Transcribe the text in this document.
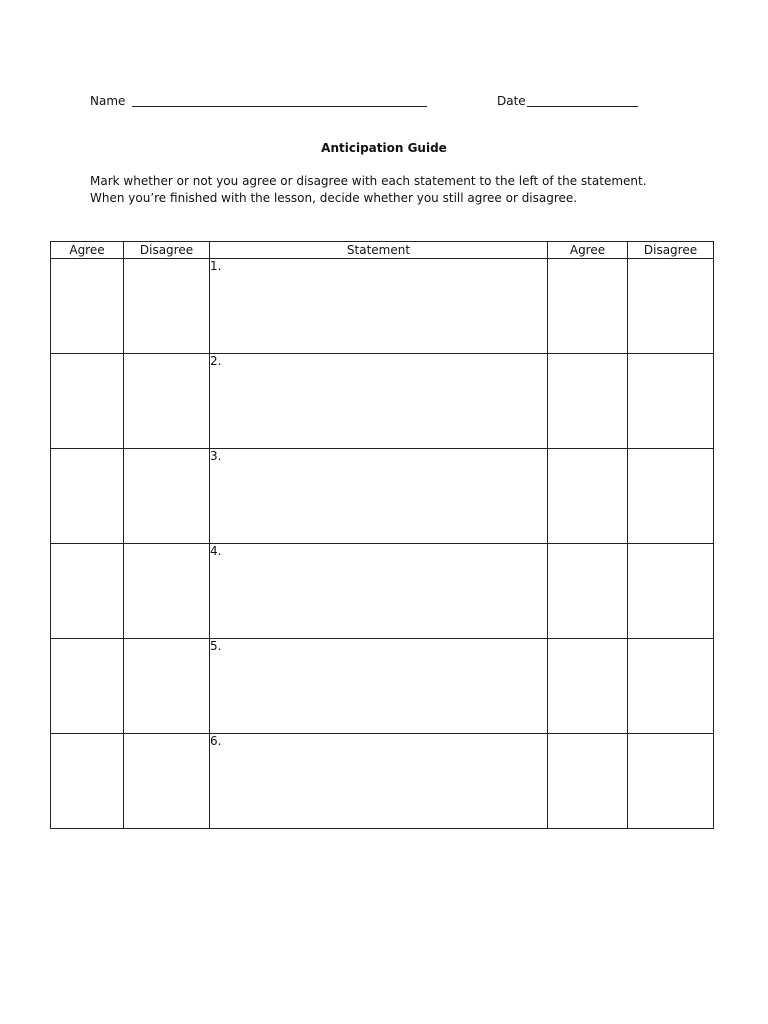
Name	Date
Anticipation Guide
Mark whether or not you agree or disagree with each statement to the left of the statement.
When you’re finished with the lesson, decide whether you still agree or disagree.
Agree	Disagree	Statement	Agree	Disagree
		1.		
		2.		
		3.		
		4.		
		5.		
		6.		
